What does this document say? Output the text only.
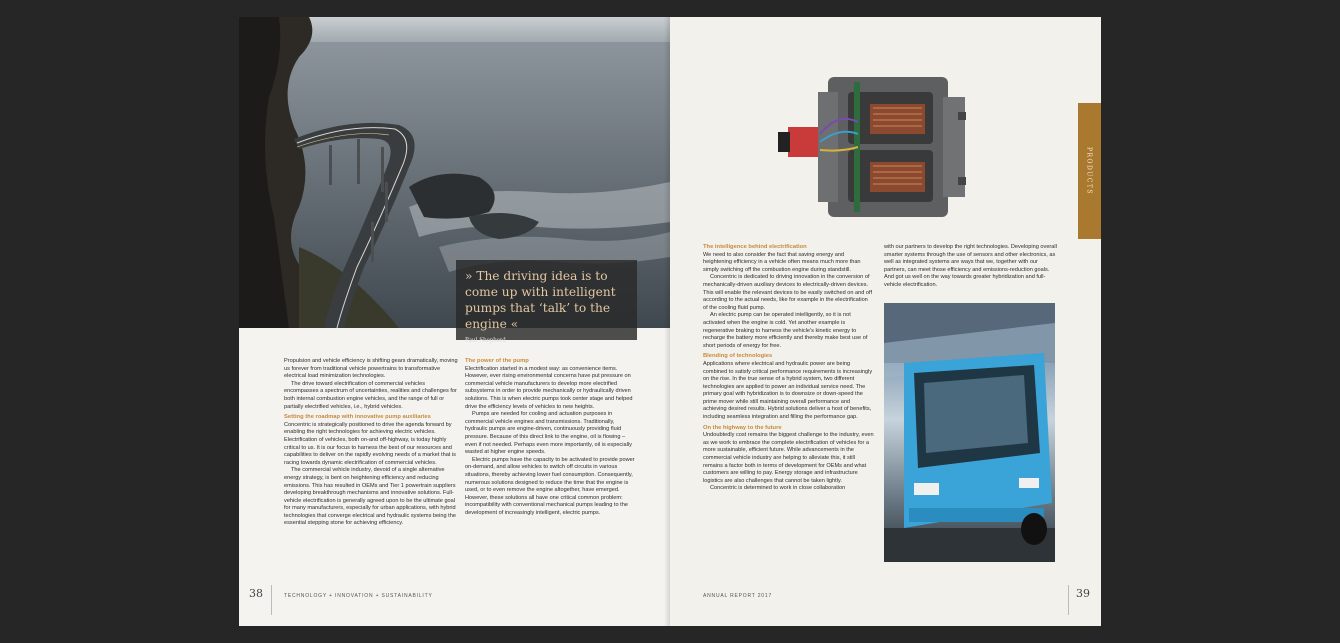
» The driving idea is to come up with intelligent pumps that ‘talk’ to the engine «
Paul Shepherd

Propulsion and vehicle efficiency is shifting gears dramatically, moving us forever from traditional vehicle powertrains to transformative electrical load minimization technologies.

The drive toward electrification of commercial vehicles encompasses a spectrum of uncertainties, realities and challenges for both internal combustion engine vehicles, and the range of full or partially electrified vehicles, i.e., hybrid vehicles.

Setting the roadmap with innovative pump auxiliaries

Concentric is strategically positioned to drive the agenda forward by enabling the right technologies for achieving electric vehicles. Electrification of vehicles, both on-and off-highway, is today highly critical to us. It is our focus to harness the best of our resources and capabilities to deliver on the rapidly evolving needs of a market that is racing towards dynamic electrification of commercial vehicles.

The commercial vehicle industry, devoid of a single alternative energy strategy, is bent on heightening efficiency and reducing emissions. This has resulted in OEMs and Tier 1 powertrain suppliers developing breakthrough mechanisms and innovative solutions. Full-vehicle electrification is generally agreed upon to be the ultimate goal for many manufacturers, especially for urban applications, with hybrid technologies that converge electrical and hydraulic systems being the essential stepping stone for achieving efficiency.

The power of the pump

Electrification started in a modest way: as convenience items. However, ever rising environmental concerns have put pressure on commercial vehicle manufacturers to develop more electrified subsystems in order to provide mechanically or hydraulically driven solutions. This is when electric pumps took center stage and helped drive the efficiency levels of vehicles to new heights.

Pumps are needed for cooling and actuation purposes in commercial vehicle engines and transmissions. Traditionally, hydraulic pumps are engine-driven, continuously providing fluid pressure. Because of this direct link to the engine, oil is flowing – even if not needed. Perhaps even more importantly, oil is especially wasted at higher engine speeds.

Electric pumps have the capacity to be activated to provide power on-demand, and allow vehicles to switch off circuits in various situations, thereby achieving lower fuel consumption. Consequently, numerous solutions designed to reduce the time that the engine is used, or to even remove the engine altogether, have emerged. However, these solutions all have one critical common problem: incompatibility with conventional mechanical pumps leading to the development of increasingly intelligent, electric pumps.

38	TECHNOLOGY + INNOVATION + SUSTAINABILITY
PRODUCTS
The intelligence behind electrification

We need to also consider the fact that saving energy and heightening efficiency in a vehicle often means much more than simply switching off the combustion engine during standstill.

Concentric is dedicated to driving innovation in the conversion of mechanically-driven auxiliary devices to electrically-driven devices. This will enable the relevant devices to be easily switched on and off according to the actual needs, like for example in the electrification of the cooling fluid pump.

An electric pump can be operated intelligently, so it is not activated when the engine is cold. Yet another example is regenerative braking to harness the vehicle’s kinetic energy to recharge the battery more efficiently and thereby make best use of short periods of energy for free.

Blending of technologies

Applications where electrical and hydraulic power are being combined to satisfy critical performance requirements is increasingly on the rise. In the true sense of a hybrid system, two different technologies are applied to power an individual service need. The primary goal with hybridization is to downsize or down-speed the prime mover while still maintaining overall performance and achieving desired results. Hybrid solutions deliver a host of benefits, including seamless integration and filling the performance gap.

On the highway to the future

Undoubtedly cost remains the biggest challenge to the industry, even as we work to embrace the complete electrification of vehicles for a more sustainable, efficient future. While advancements in the commercial vehicle industry are helping to alleviate this, it still remains a factor both in terms of development for OEMs and what customers are willing to pay. Energy storage and infrastructure logistics are also challenges that cannot be taken lightly.

Concentric is determined to work in close collaboration

with our partners to develop the right technologies. Developing overall smarter systems through the use of sensors and other electronics, as well as integrated systems are ways that we, together with our partners, can meet those efficiency and emissions-reduction goals. And got us well on the way towards greater hybridization and full-vehicle electrification.

ANNUAL REPORT 2017	39
